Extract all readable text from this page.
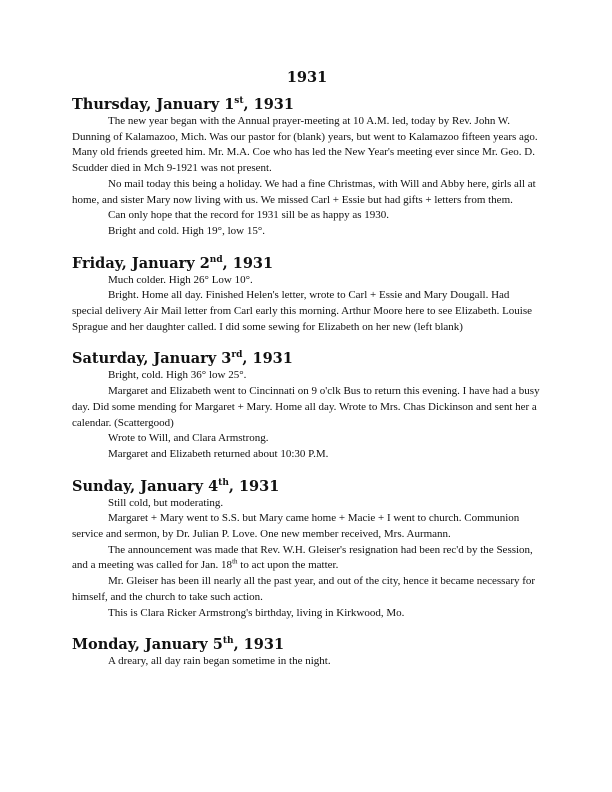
1931
Thursday, January 1st, 1931

The new year began with the Annual prayer-meeting at 10 A.M. led, today by Rev. John W. Dunning of Kalamazoo, Mich. Was our pastor for (blank) years, but went to Kalamazoo fifteen years ago. Many old friends greeted him. Mr. M.A. Coe who has led the New Year's meeting ever since Mr. Geo. D. Scudder died in Mch 9-1921 was not present.

No mail today this being a holiday. We had a fine Christmas, with Will and Abby here, girls all at home, and sister Mary now living with us. We missed Carl + Essie but had gifts + letters from them.

Can only hope that the record for 1931 sill be as happy as 1930.

Bright and cold. High 19°, low 15°.

Friday, January 2nd, 1931

Much colder. High 26° Low 10°.

Bright. Home all day. Finished Helen's letter, wrote to Carl + Essie and Mary Dougall. Had special delivery Air Mail letter from Carl early this morning. Arthur Moore here to see Elizabeth. Louise Sprague and her daughter called. I did some sewing for Elizabeth on her new (left blank)

Saturday, January 3rd, 1931

Bright, cold. High 36° low 25°.

Margaret and Elizabeth went to Cincinnati on 9 o'clk Bus to return this evening. I have had a busy day. Did some mending for Margaret + Mary. Home all day. Wrote to Mrs. Chas Dickinson and sent her a calendar. (Scattergood)

Wrote to Will, and Clara Armstrong.

Margaret and Elizabeth returned about 10:30 P.M.

Sunday, January 4th, 1931

Still cold, but moderating.

Margaret + Mary went to S.S. but Mary came home + Macie + I went to church. Communion service and sermon, by Dr. Julian P. Love. One new member received, Mrs. Aurmann.

The announcement was made that Rev. W.H. Gleiser's resignation had been rec'd by the Session, and a meeting was called for Jan. 18th to act upon the matter.

Mr. Gleiser has been ill nearly all the past year, and out of the city, hence it became necessary for himself, and the church to take such action.

This is Clara Ricker Armstrong's birthday, living in Kirkwood, Mo.

Monday, January 5th, 1931

A dreary, all day rain began sometime in the night.
